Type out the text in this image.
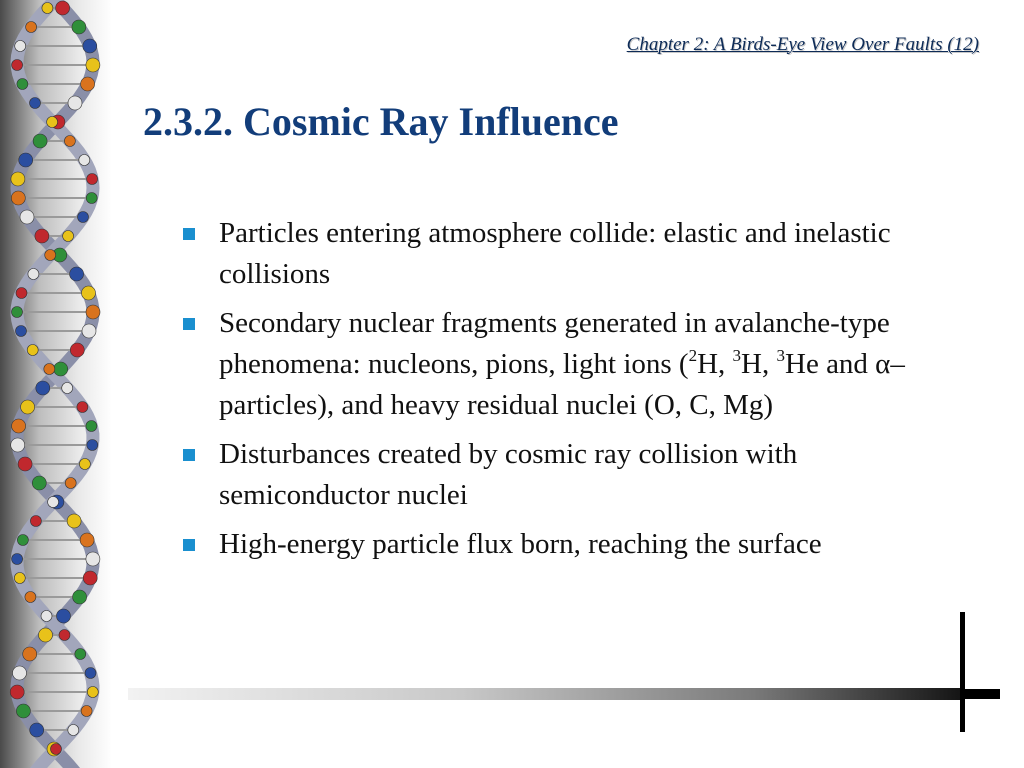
Chapter 2: A Birds-Eye View Over Faults (12)
2.3.2. Cosmic Ray Influence
Particles entering atmosphere collide: elastic and inelastic collisions
Secondary nuclear fragments generated in avalanche-type phenomena: nucleons, pions, light ions ($^2$H, $^3$H, $^3$He and α–particles), and heavy residual nuclei (O, C, Mg)
Disturbances created by cosmic ray collision with semiconductor nuclei
High-energy particle flux born, reaching the surface
